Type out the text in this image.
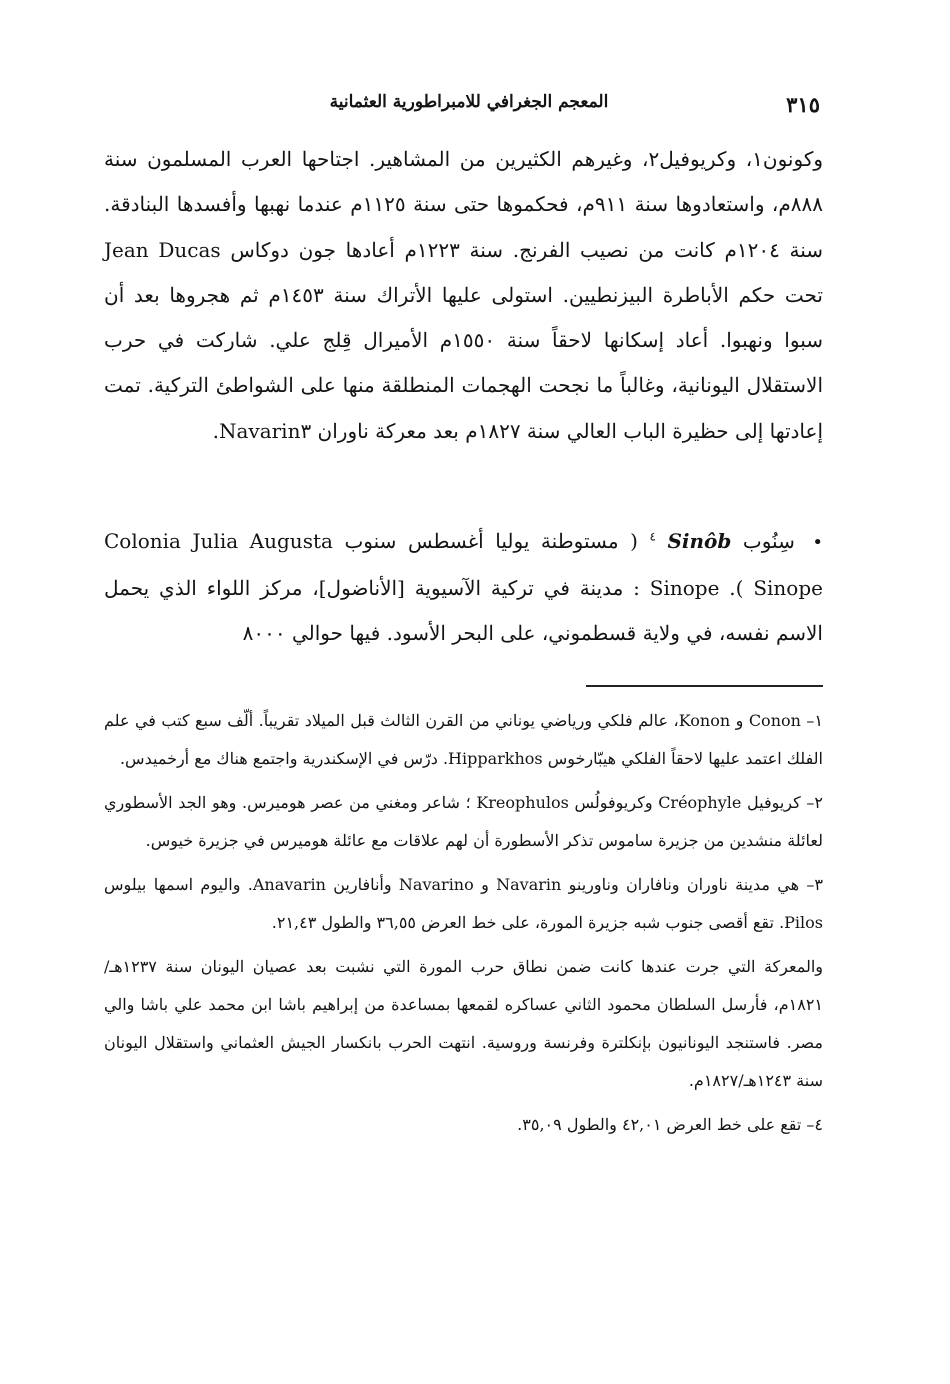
٣١٥
المعجم الجغرافي للامبراطورية العثمانية

وكونون١، وكريوفيل٢، وغيرهم الكثيرين من المشاهير. اجتاحها العرب المسلمون سنة ٨٨٨م، واستعادوها سنة ٩١١م، فحكموها حتى سنة ١١٢٥م عندما نهبها وأفسدها البنادقة. سنة ١٢٠٤م كانت من نصيب الفرنج. سنة ١٢٢٣م أعادها جون دوكاس Jean Ducas تحت حكم الأباطرة البيزنطيين. استولى عليها الأتراك سنة ١٤٥٣م ثم هجروها بعد أن سبوا ونهبوا. أعاد إسكانها لاحقاً سنة ١٥٥٠م الأميرال قِلج علي. شاركت في حرب الاستقلال اليونانية، وغالباً ما نجحت الهجمات المنطلقة منها على الشواطئ التركية. تمت إعادتها إلى حظيرة الباب العالي سنة ١٨٢٧م بعد معركة ناوران Navarin٣.

• سِنُوب Sinôb $^٤$ ( مستوطنة يوليا أغسطس سنوب Colonia Julia Augusta Sinope ). Sinope : مدينة في تركية الآسيوية [الأناضول]، مركز اللواء الذي يحمل الاسم نفسه، في ولاية قسطموني، على البحر الأسود. فيها حوالي ٨٠٠٠

١– Conon و Konon، عالم فلكي ورياضي يوناني من القرن الثالث قبل الميلاد تقريباً. ألّف سبع كتب في علم الفلك اعتمد عليها لاحقاً الفلكي هيبّارخوس Hipparkhos. درّس في الإسكندرية واجتمع هناك مع أرخميدس.

٢– كريوفيل Créophyle وكريوفولُس Kreophulos ؛ شاعر ومغني من عصر هوميرس. وهو الجد الأسطوري لعائلة منشدين من جزيرة ساموس تذكر الأسطورة أن لهم علاقات مع عائلة هوميرس في جزيرة خيوس.

٣– هي مدينة ناوران ونافاران وناورينو Navarin و Navarino وأنافارين Anavarin. واليوم اسمها بيلوس Pilos. تقع أقصى جنوب شبه جزيرة المورة، على خط العرض ٣٦,٥٥ والطول ٢١,٤٣.

والمعركة التي جرت عندها كانت ضمن نطاق حرب المورة التي نشبت بعد عصيان اليونان سنة ١٢٣٧هـ/ ١٨٢١م، فأرسل السلطان محمود الثاني عساكره لقمعها بمساعدة من إبراهيم باشا ابن محمد علي باشا والي مصر. فاستنجد اليونانيون بإنكلترة وفرنسة وروسية. انتهت الحرب بانكسار الجيش العثماني واستقلال اليونان سنة ١٢٤٣هـ/١٨٢٧م.

٤– تقع على خط العرض ٤٢,٠١ والطول ٣٥,٠٩.
